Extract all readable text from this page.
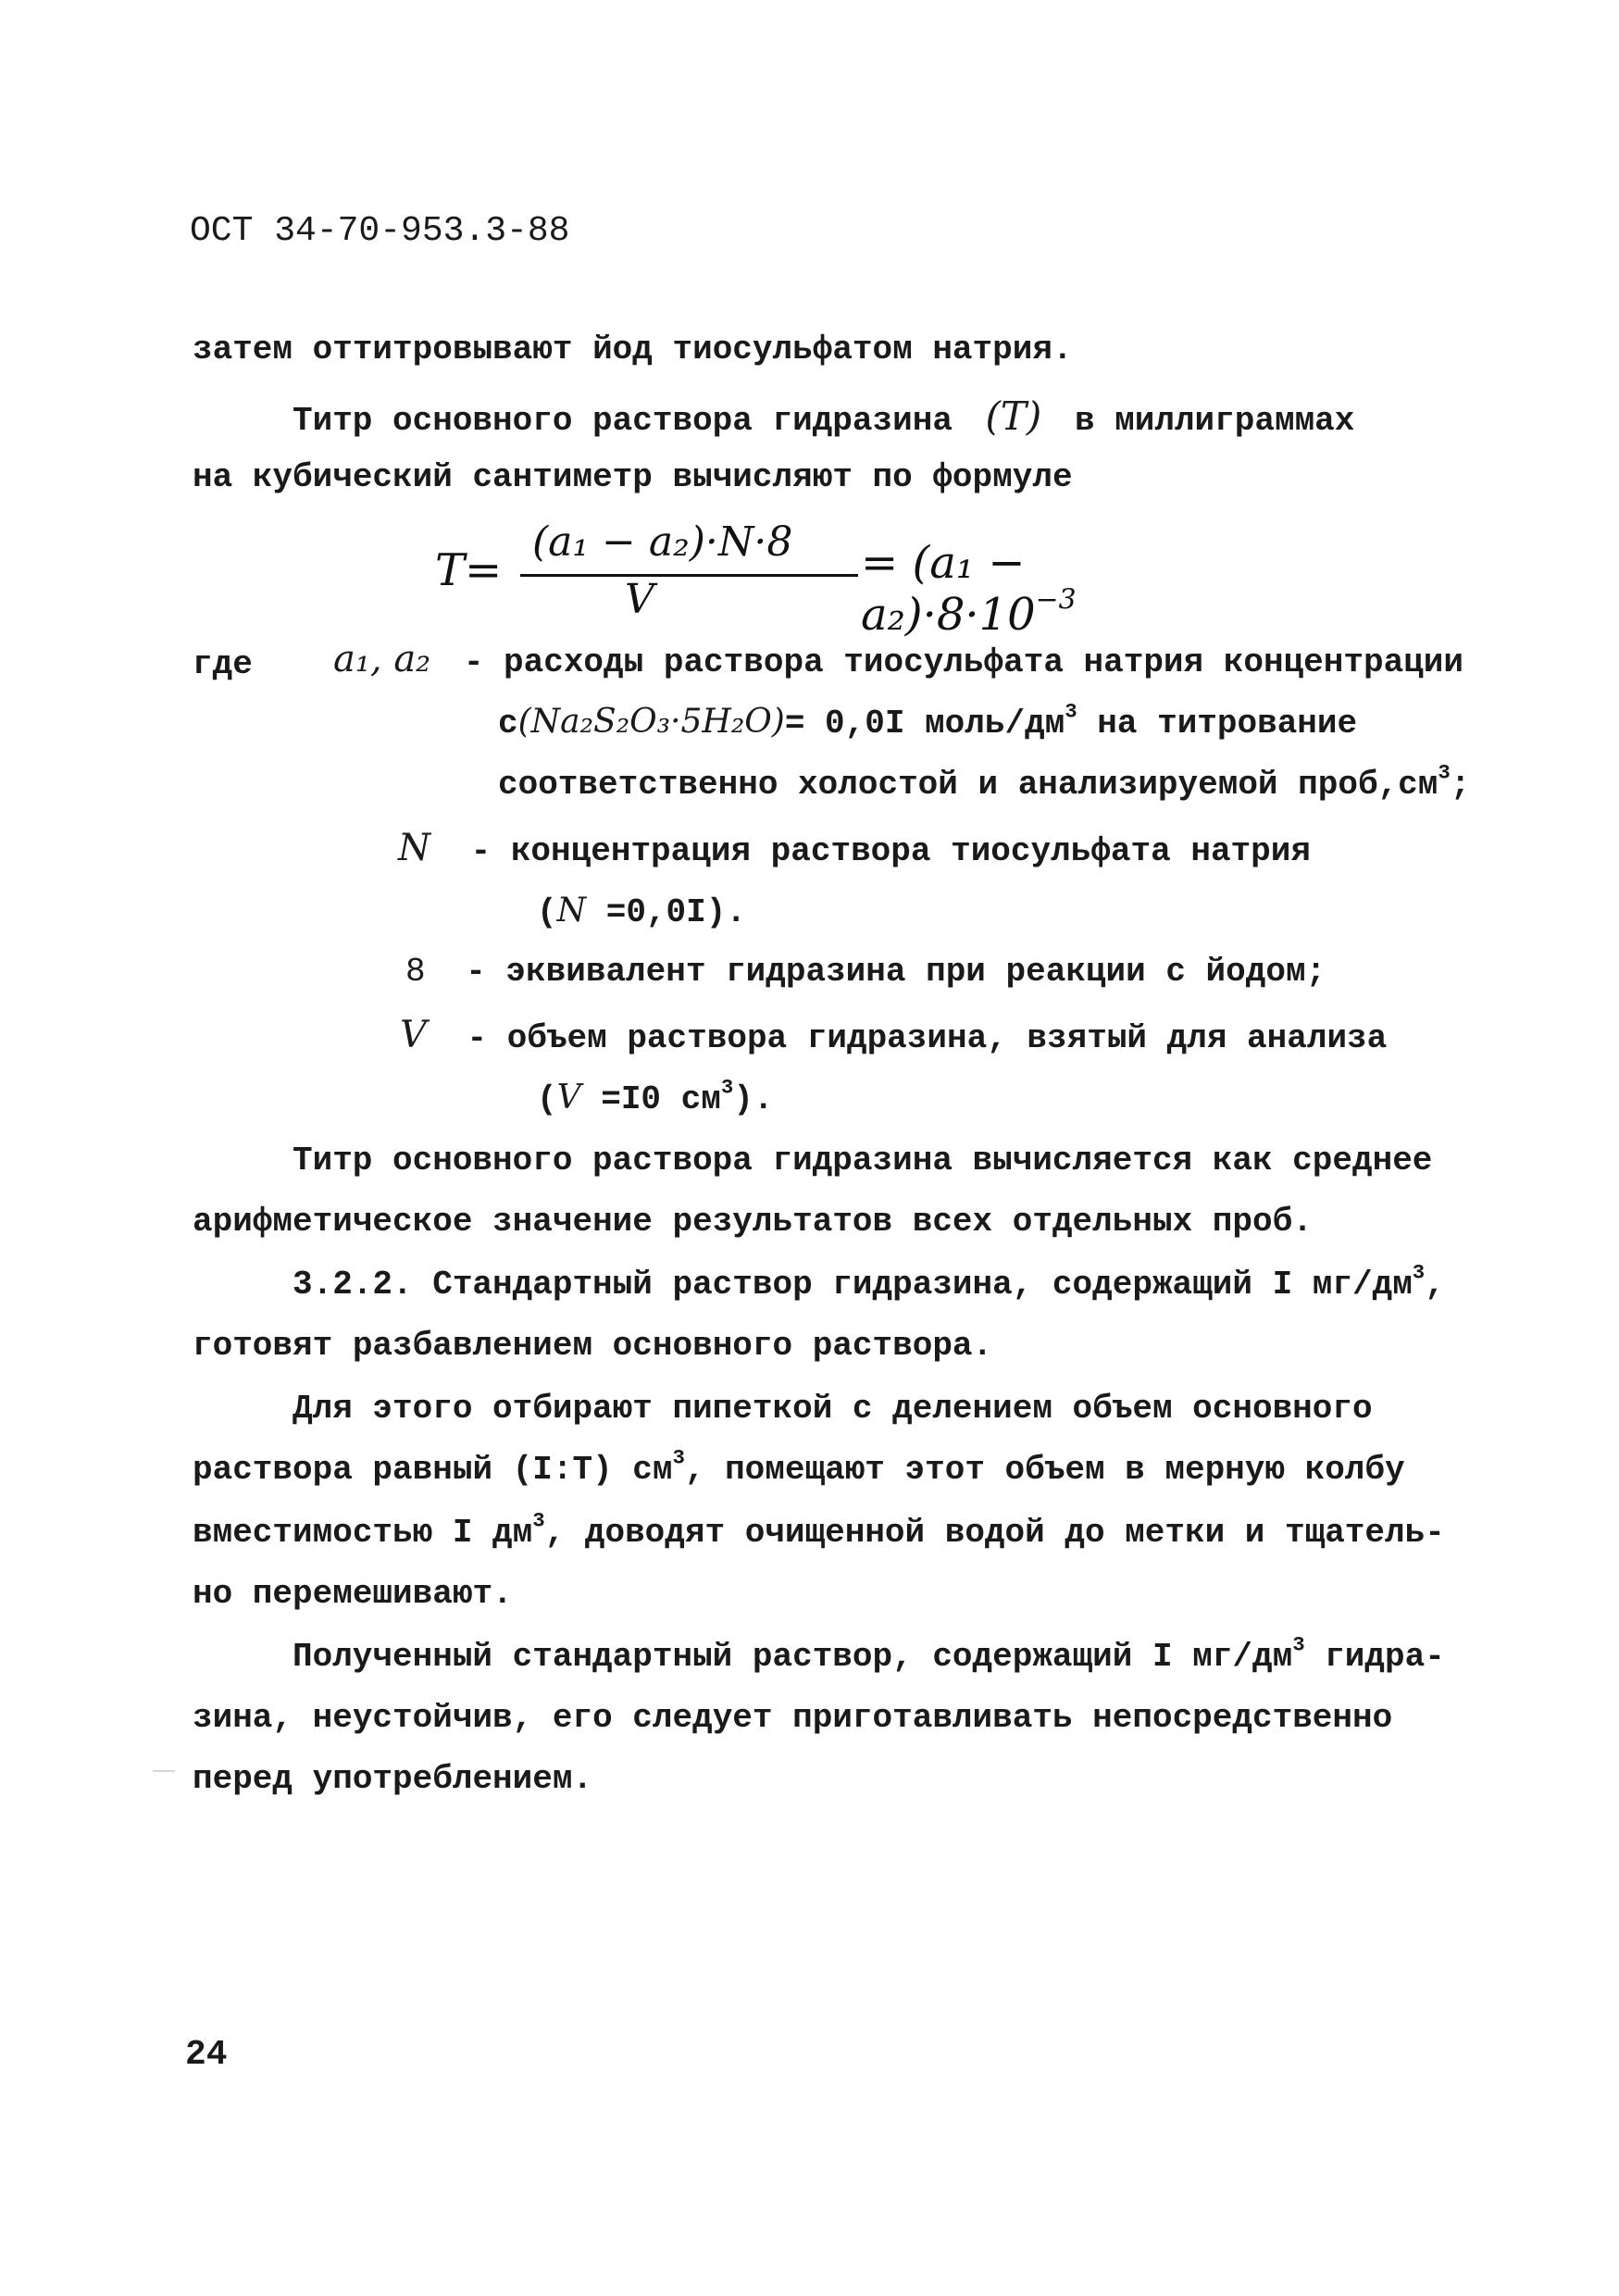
ОСТ 34-70-953.3-88
затем оттитровывают йод тиосульфатом натрия.
Титр основного раствора гидразина (T) в миллиграммах
на кубический сантиметр вычисляют по формуле
T=
(a₁ − a₂)·N·8
V
= $(a_1 - a_2)\cdot 8\cdot 10^{-3}$
где a₁, a₂ - расходы раствора тиосульфата натрия концентрации
с(Na₂S₂O₃·5H₂O)= 0,0I моль/$дм^3$ на титрование
соответственно холостой и анализируемой $проб,см^3$;
N - концентрация раствора тиосульфата натрия
(N =0,0I).
8 - эквивалент гидразина при реакции с йодом;
V - объем раствора гидразина, взятый для анализа
(V =I0 $см^3$).
Титр основного раствора гидразина вычисляется как среднее
арифметическое значение результатов всех отдельных проб.
3.2.2. Стандартный раствор гидразина, содержащий I $мг/дм^3$,
готовят разбавлением основного раствора.
Для этого отбирают пипеткой с делением объем основного
раствора равный (I:T) $см^3$, помещают этот объем в мерную колбу
вместимостью I $дм^3$, доводят очищенной водой до метки и тщатель-
но перемешивают.
Полученный стандартный раствор, содержащий I $мг/дм^3$ гидра-
зина, неустойчив, его следует приготавливать непосредственно
перед употреблением.
24
